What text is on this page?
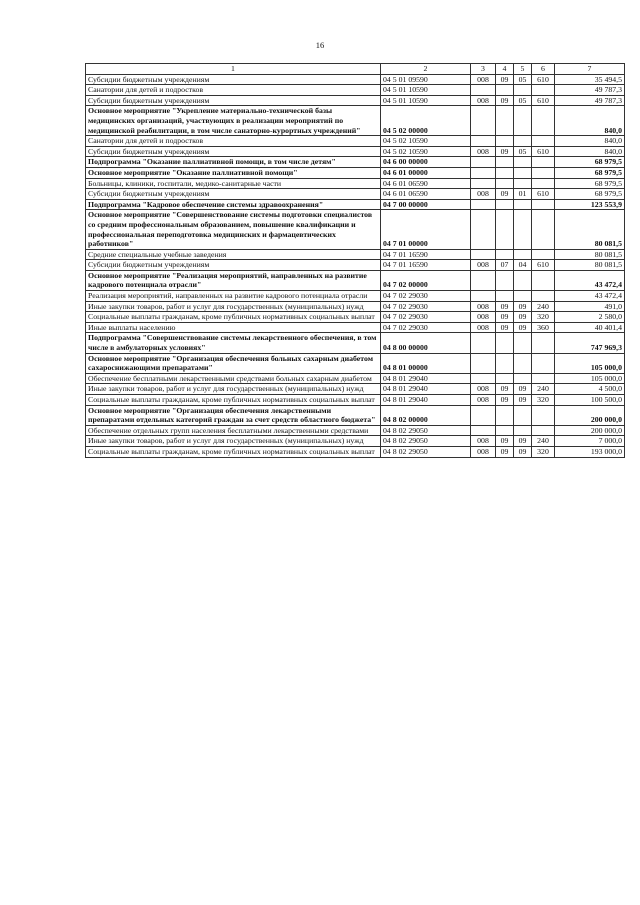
16
1	2	3	4	5	6	7
Субсидии бюджетным учреждениям	04 5 01 09590	008	09	05	610	35 494,5
Санатории для детей и подростков	04 5 01 10590					49 787,3
Субсидии бюджетным учреждениям	04 5 01 10590	008	09	05	610	49 787,3
Основное мероприятие "Укрепление материально-технической базы медицинских организаций, участвующих в реализации мероприятий по медицинской реабилитации, в том числе санаторно-курортных учреждений"	04 5 02 00000					840,0
Санатории для детей и подростков	04 5 02 10590					840,0
Субсидии бюджетным учреждениям	04 5 02 10590	008	09	05	610	840,0
Подпрограмма "Оказание паллиативной помощи, в том числе детям"	04 6 00 00000					68 979,5
Основное мероприятие "Оказание паллиативной помощи"	04 6 01 00000					68 979,5
Больницы, клиники, госпитали, медико-санитарные части	04 6 01 06590					68 979,5
Субсидии бюджетным учреждениям	04 6 01 06590	008	09	01	610	68 979,5
Подпрограмма "Кадровое обеспечение системы здравоохранения"	04 7 00 00000					123 553,9
Основное мероприятие "Совершенствование системы подготовки специалистов со средним профессиональным образованием, повышение квалификации и профессиональная переподготовка медицинских и фармацевтических работников"	04 7 01 00000					80 081,5
Средние специальные учебные заведения	04 7 01 16590					80 081,5
Субсидии бюджетным учреждениям	04 7 01 16590	008	07	04	610	80 081,5
Основное мероприятие "Реализация мероприятий, направленных на развитие кадрового потенциала отрасли"	04 7 02 00000					43 472,4
Реализация мероприятий, направленных на развитие кадрового потенциала отрасли	04 7 02 29030					43 472,4
Иные закупки товаров, работ и услуг для государственных (муниципальных) нужд	04 7 02 29030	008	09	09	240	491,0
Социальные выплаты гражданам, кроме публичных нормативных социальных выплат	04 7 02 29030	008	09	09	320	2 580,0
Иные выплаты населению	04 7 02 29030	008	09	09	360	40 401,4
Подпрограмма "Совершенствование системы лекарственного обеспечения, в том числе в амбулаторных условиях"	04 8 00 00000					747 969,3
Основное мероприятие "Организация обеспечения больных сахарным диабетом сахароснижающими препаратами"	04 8 01 00000					105 000,0
Обеспечение бесплатными лекарственными средствами больных сахарным диабетом	04 8 01 29040					105 000,0
Иные закупки товаров, работ и услуг для государственных (муниципальных) нужд	04 8 01 29040	008	09	09	240	4 500,0
Социальные выплаты гражданам, кроме публичных нормативных социальных выплат	04 8 01 29040	008	09	09	320	100 500,0
Основное мероприятие "Организация обеспечения лекарственными препаратами отдельных категорий граждан за счет средств областного бюджета"	04 8 02 00000					200 000,0
Обеспечение отдельных групп населения бесплатными лекарственными средствами	04 8 02 29050					200 000,0
Иные закупки товаров, работ и услуг для государственных (муниципальных) нужд	04 8 02 29050	008	09	09	240	7 000,0
Социальные выплаты гражданам, кроме публичных нормативных социальных выплат	04 8 02 29050	008	09	09	320	193 000,0
